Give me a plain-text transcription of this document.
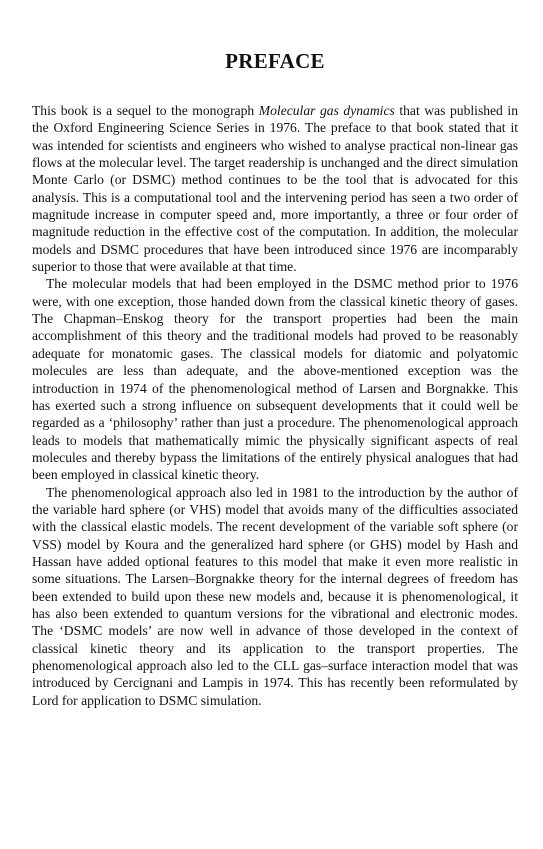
PREFACE

This book is a sequel to the monograph Molecular gas dynamics that was published in the Oxford Engineering Science Series in 1976. The preface to that book stated that it was intended for scientists and engineers who wished to analyse practical non-linear gas flows at the molecular level. The target readership is unchanged and the direct simulation Monte Carlo (or DSMC) method continues to be the tool that is advocated for this analysis. This is a computational tool and the intervening period has seen a two order of magnitude increase in computer speed and, more importantly, a three or four order of magnitude reduction in the effective cost of the computation. In addition, the molecular models and DSMC procedures that have been introduced since 1976 are incomparably superior to those that were available at that time.

The molecular models that had been employed in the DSMC method prior to 1976 were, with one exception, those handed down from the classical kinetic theory of gases. The Chapman–Enskog theory for the transport properties had been the main accomplishment of this theory and the traditional models had proved to be reasonably adequate for monatomic gases. The classical models for diatomic and polyatomic molecules are less than adequate, and the above-mentioned exception was the introduction in 1974 of the phenomenological method of Larsen and Borgnakke. This has exerted such a strong influence on subsequent developments that it could well be regarded as a ‘philosophy’ rather than just a procedure. The phenomenological approach leads to models that mathematically mimic the physically significant aspects of real molecules and thereby bypass the limitations of the entirely physical analogues that had been employed in classical kinetic theory.

The phenomenological approach also led in 1981 to the introduction by the author of the variable hard sphere (or VHS) model that avoids many of the difficulties associated with the classical elastic models. The recent development of the variable soft sphere (or VSS) model by Koura and the generalized hard sphere (or GHS) model by Hash and Hassan have added optional features to this model that make it even more realistic in some situations. The Larsen–Borgnakke theory for the internal degrees of freedom has been extended to build upon these new models and, because it is phenomenological, it has also been extended to quantum versions for the vibrational and electronic modes. The ‘DSMC models’ are now well in advance of those developed in the context of classical kinetic theory and its application to the transport properties. The phenomenological approach also led to the CLL gas–surface interaction model that was introduced by Cercignani and Lampis in 1974. This has recently been reformulated by Lord for application to DSMC simulation.
